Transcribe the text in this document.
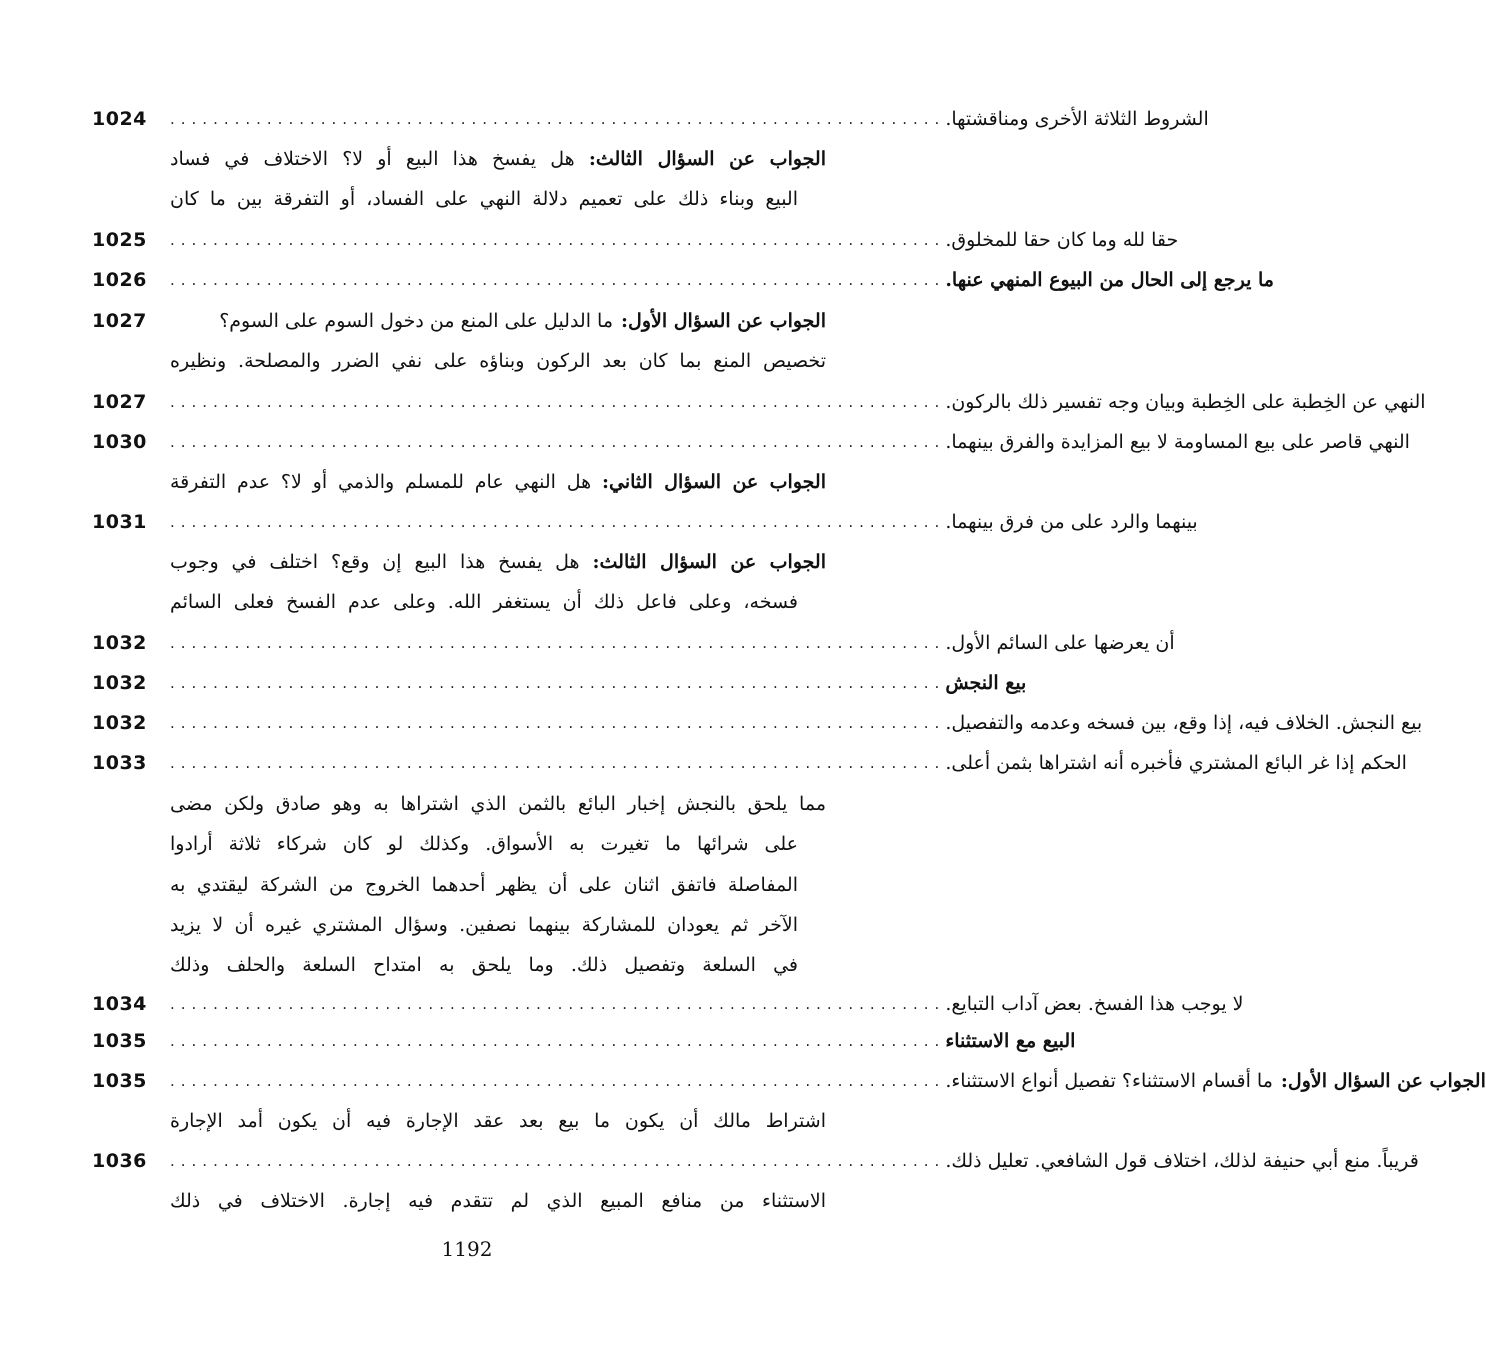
1024	الشروط الثلاثة الأخرى ومناقشتها.
........................................................................
الجواب عن السؤال الثالث: هل يفسخ هذا البيع أو لا؟ الاختلاف في فساد
البيع وبناء ذلك على تعميم دلالة النهي على الفساد، أو التفرقة بين ما كان
1025	حقا لله وما كان حقا للمخلوق.
........................................................................
1026	ما يرجع إلى الحال من البيوع المنهي عنها.
........................................................................
1027	الجواب عن السؤال الأول:
ما الدليل على المنع من دخول السوم على السوم؟
تخصيص المنع بما كان بعد الركون وبناؤه على نفي الضرر والمصلحة. ونظيره
1027	النهي عن الخِطبة على الخِطبة وبيان وجه تفسير ذلك بالركون.
........................................................................
1030	النهي قاصر على بيع المساومة لا بيع المزايدة والفرق بينهما.
........................................................................
الجواب عن السؤال الثاني: هل النهي عام للمسلم والذمي أو لا؟ عدم التفرقة
1031	بينهما والرد على من فرق بينهما.
........................................................................
الجواب عن السؤال الثالث: هل يفسخ هذا البيع إن وقع؟ اختلف في وجوب
فسخه، وعلى فاعل ذلك أن يستغفر الله. وعلى عدم الفسخ فعلى السائم
1032	أن يعرضها على السائم الأول.
........................................................................
1032	بيع النجش
........................................................................
1032	بيع النجش. الخلاف فيه، إذا وقع، بين فسخه وعدمه والتفصيل.
........................................................................
1033	الحكم إذا غر البائع المشتري فأخبره أنه اشتراها بثمن أعلى.
........................................................................
مما يلحق بالنجش إخبار البائع بالثمن الذي اشتراها به وهو صادق ولكن مضى
على شرائها ما تغيرت به الأسواق. وكذلك لو كان شركاء ثلاثة أرادوا
المفاصلة فاتفق اثنان على أن يظهر أحدهما الخروج من الشركة ليقتدي به
الآخر ثم يعودان للمشاركة بينهما نصفين. وسؤال المشتري غيره أن لا يزيد
في السلعة وتفصيل ذلك. وما يلحق به امتداح السلعة والحلف وذلك
1034	لا يوجب هذا الفسخ. بعض آداب التبايع.
........................................................................
1035	البيع مع الاستثناء
........................................................................
1035	الجواب عن السؤال الأول:
ما أقسام الاستثناء؟ تفصيل أنواع الاستثناء.
........................................................................
اشتراط مالك أن يكون ما بيع بعد عقد الإجارة فيه أن يكون أمد الإجارة
1036	قريباً. منع أبي حنيفة لذلك، اختلاف قول الشافعي. تعليل ذلك.
........................................................................
الاستثناء من منافع المبيع الذي لم تتقدم فيه إجارة. الاختلاف في ذلك
1192
